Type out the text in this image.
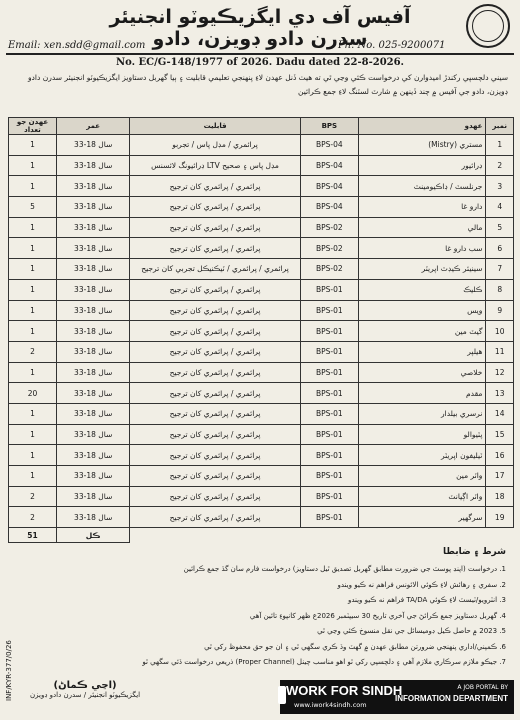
آفيس آف دي ايگزيڪيوٽو انجنيئر سدرن دادو ڊويزن، دادو
Email: xen.sdd@gmail.com	Ph. No. 025-9200071
No. EC/G-148/1977 of 2026. Dadu dated 22-8-2026.
سيني دلچسپي رکندڙ اميدوارن کي درخواست ڪئي وڃي ٿي ته هيٺ ڏنل عهدن لاءِ پنهنجي تعليمي قابليت ۽ ٻيا گهربل دستاويز ايگزيڪيوٽو انجنيئر سدرن دادو ڊويزن، دادو جي آفيس ۾ چند ڏينهن ۾ شارٽ لسٽنگ لاءِ جمع ڪرائين
عهدن جو تعداد	عمر	قابليت	BPS	عهدو	نمبر
1	سال 18-33	پرائمري / مڊل پاس / تجربو	BPS-04	مستري (Mistry)	1
1	سال 18-33	مڊل پاس ۽ صحيح LTV ڊرائيونگ لائسنس	BPS-04	ڊرائيور	2
1	سال 18-33	پرائمري / پرائمري کان ترجيح	BPS-04	جرنلسٽ / ڊاڪيومينٽ	3
5	سال 18-33	پرائمري / پرائمري کان ترجيح	BPS-04	دارو غا	4
1	سال 18-33	پرائمري / پرائمري کان ترجيح	BPS-02	مالي	5
1	سال 18-33	پرائمري / پرائمري کان ترجيح	BPS-02	سب دارو غا	6
1	سال 18-33	پرائمري / پرائمري / ٽيڪنيڪل تجربي کان ترجيح	BPS-02	سينيئر ڪيڊٽ اپريٽر	7
1	سال 18-33	پرائمري / پرائمري کان ترجيح	BPS-01	ڪليڪ	8
1	سال 18-33	پرائمري / پرائمري کان ترجيح	BPS-01	ويس	9
1	سال 18-33	پرائمري / پرائمري کان ترجيح	BPS-01	گيٽ مين	10
2	سال 18-33	پرائمري / پرائمري کان ترجيح	BPS-01	هيلپر	11
1	سال 18-33	پرائمري / پرائمري کان ترجيح	BPS-01	خلاصي	12
20	سال 18-33	پرائمري / پرائمري کان ترجيح	BPS-01	مقدم	13
1	سال 18-33	پرائمري / پرائمري کان ترجيح	BPS-01	نرسري بيلدار	14
1	سال 18-33	پرائمري / پرائمري کان ترجيح	BPS-01	پٽيوالو	15
1	سال 18-33	پرائمري / پرائمري کان ترجيح	BPS-01	ٽيليفون اپريٽر	16
1	سال 18-33	پرائمري / پرائمري کان ترجيح	BPS-01	واٽر مين	17
2	سال 18-33	پرائمري / پرائمري کان ترجيح	BPS-01	واٽر اڳيانٽ	18
2	سال 18-33	پرائمري / پرائمري کان ترجيح	BPS-01	سرگهير	19
51	ڪل				
شرط ۽ ضابطا
1. درخواست (اپنڊ پوسٽ جي ضرورت مطابق گهربل تصديق ٿيل دستاويز) درخواست فارم سان گڏ جمع ڪرائين
2. سفري ۽ رهائش لاءِ ڪوئي الائونس فراهم نه ڪيو ويندو
3. انٽرويو/ٽيسٽ لاءِ ڪوئي TA/DA فراهم نه ڪيو ويندو
4. گهربل دستاويز جمع ڪرائڻ جي آخري تاريخ 30 سيپٽمبر 2026ع ظهر کانپوءِ تائين آهي
5. 2023 ۾ حاصل ڪيل ڊوميسائل جي نقل منسوخ ڪئي وڃي ٿي
6. ڪمپني/اداري پنهنجي ضرورتن مطابق عهدن ۾ گهٽ وڌ ڪري سگهي ٿي ۽ ان جو حق محفوظ رکي ٿي
7. جيڪو ملازم سرڪاري ملازم آهي ۽ دلچسپي رکي ٿو اهو مناسب چينل (Proper Channel) ذريعي درخواست ڏئي سگهي ٿو
INF/KYR-377/0/26	(اڃي ڪماڻ)
ايگزيڪيوٽو انجنيئر / سدرن دادو ڊويزن	WORK FOR SINDH
www.iwork4sindh.com
A JOB PORTAL BY
INFORMATION DEPARTMENT
